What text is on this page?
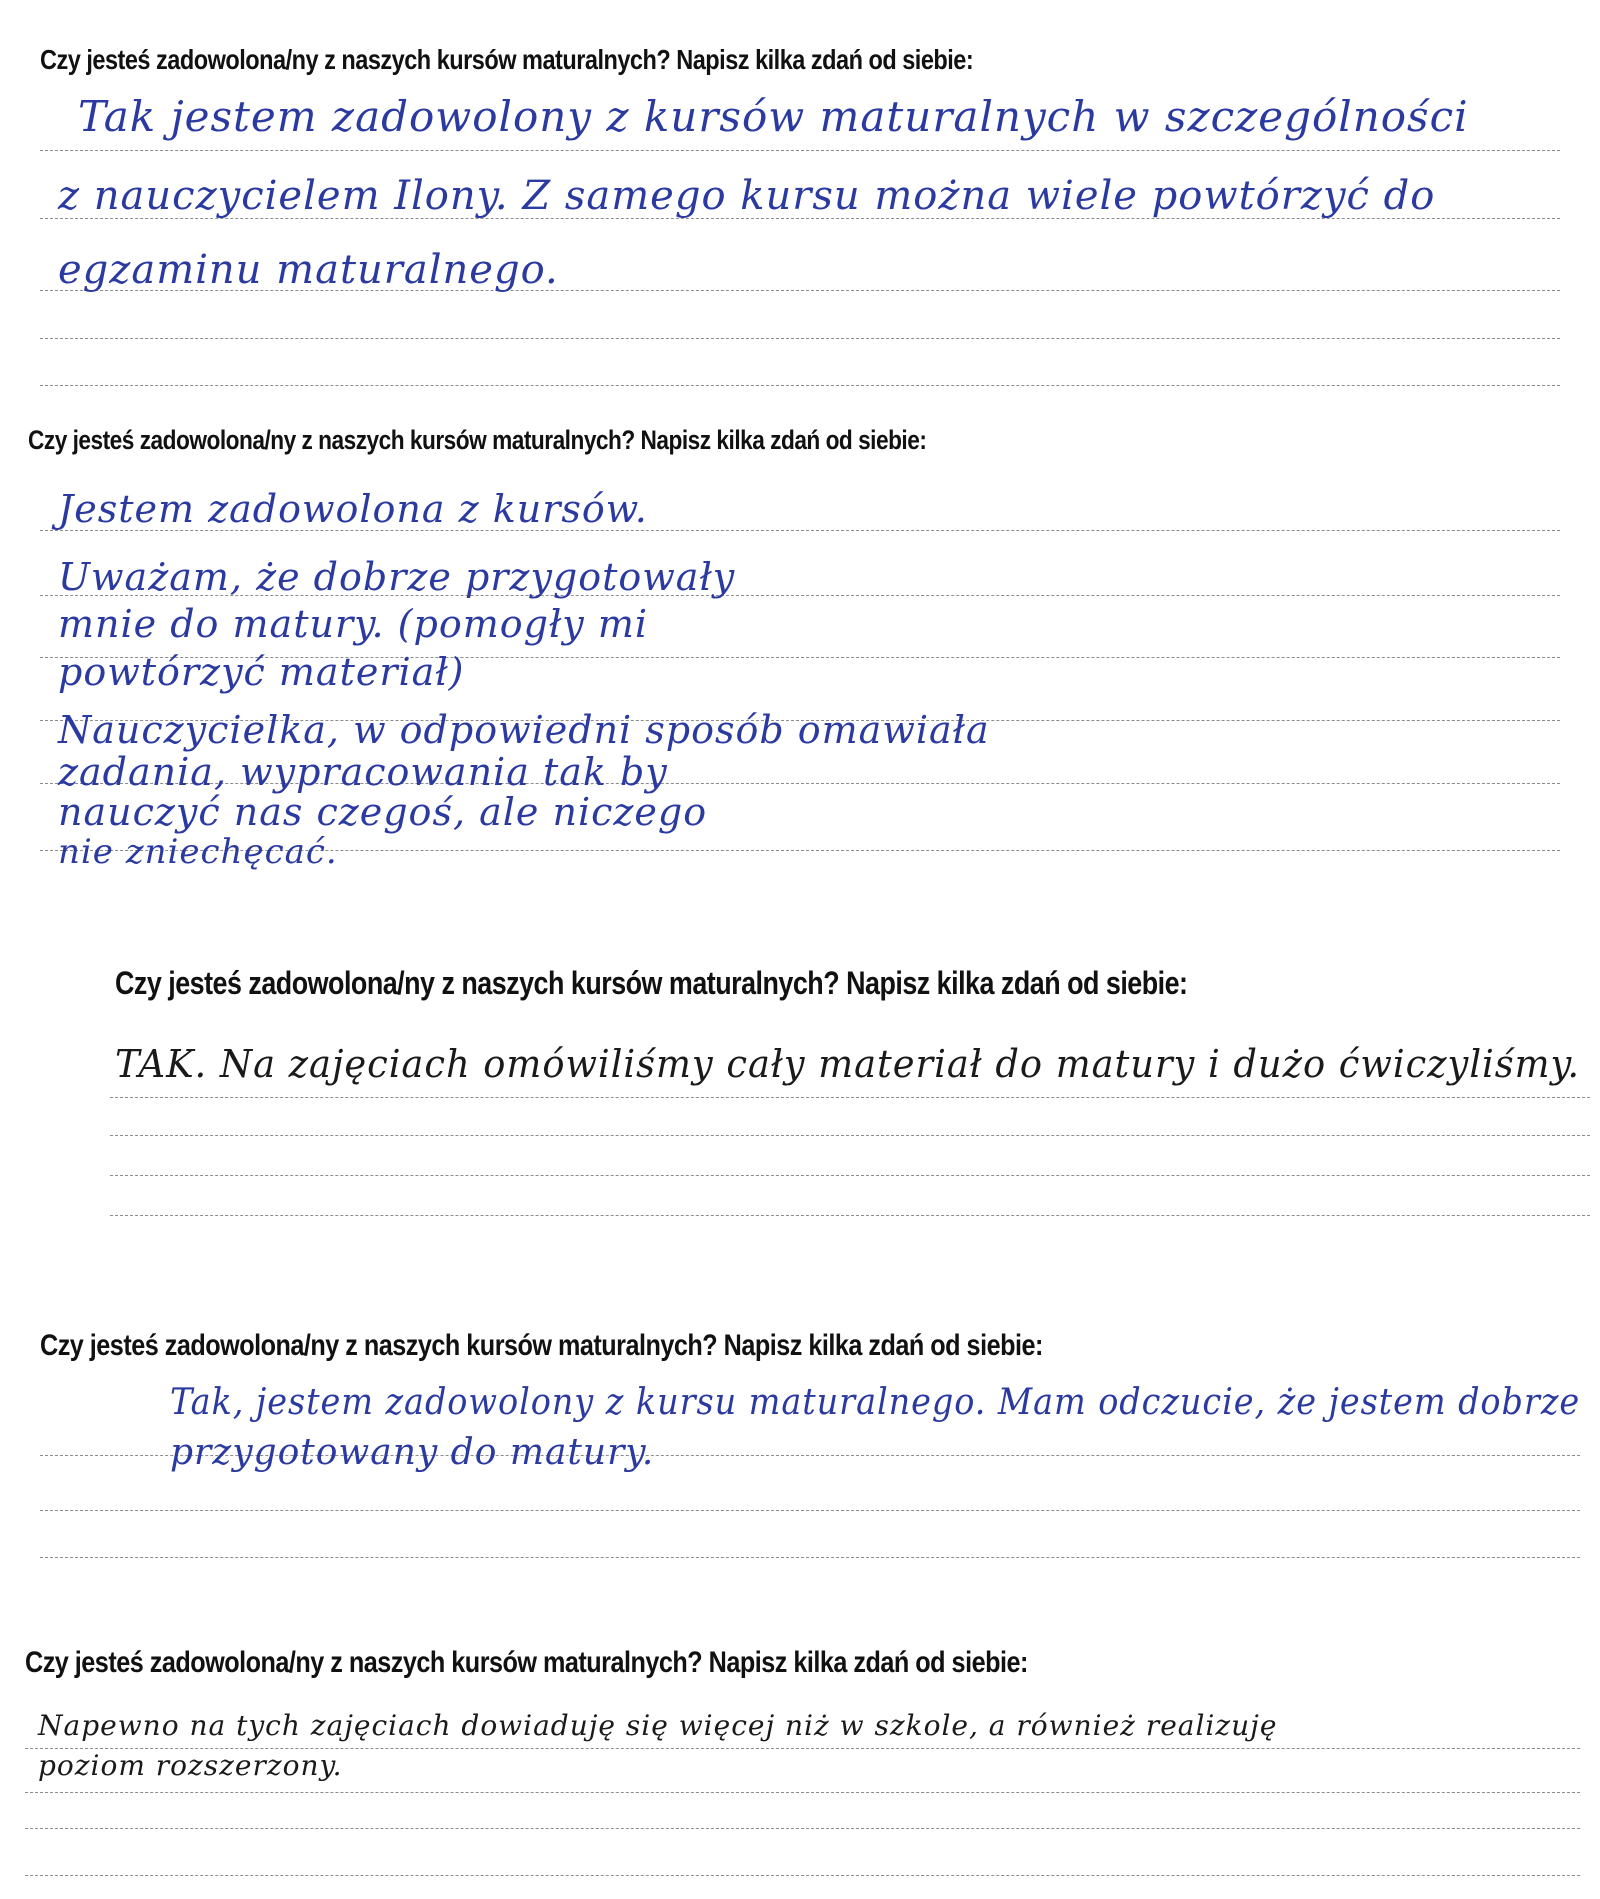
Czy jesteś zadowolona/ny z naszych kursów maturalnych? Napisz kilka zdań od siebie:
Tak jestem zadowolony z kursów maturalnych w szczególności
z nauczycielem Ilony. Z samego kursu można wiele powtórzyć do
egzaminu maturalnego.
Czy jesteś zadowolona/ny z naszych kursów maturalnych? Napisz kilka zdań od siebie:
Jestem zadowolona z kursów.
Uważam, że dobrze przygotowały
mnie do matury. (pomogły mi
powtórzyć materiał)
Nauczycielka, w odpowiedni sposób omawiała
zadania, wypracowania tak by
nauczyć nas czegoś, ale niczego
nie zniechęcać.
Czy jesteś zadowolona/ny z naszych kursów maturalnych? Napisz kilka zdań od siebie:
TAK. Na zajęciach omówiliśmy cały materiał do matury i dużo ćwiczyliśmy.
Czy jesteś zadowolona/ny z naszych kursów maturalnych? Napisz kilka zdań od siebie:
Tak, jestem zadowolony z kursu maturalnego. Mam odczucie, że jestem dobrze
przygotowany do matury.
Czy jesteś zadowolona/ny z naszych kursów maturalnych? Napisz kilka zdań od siebie:
Napewno na tych zajęciach dowiaduję się więcej niż w szkole, a również realizuję
poziom rozszerzony.
